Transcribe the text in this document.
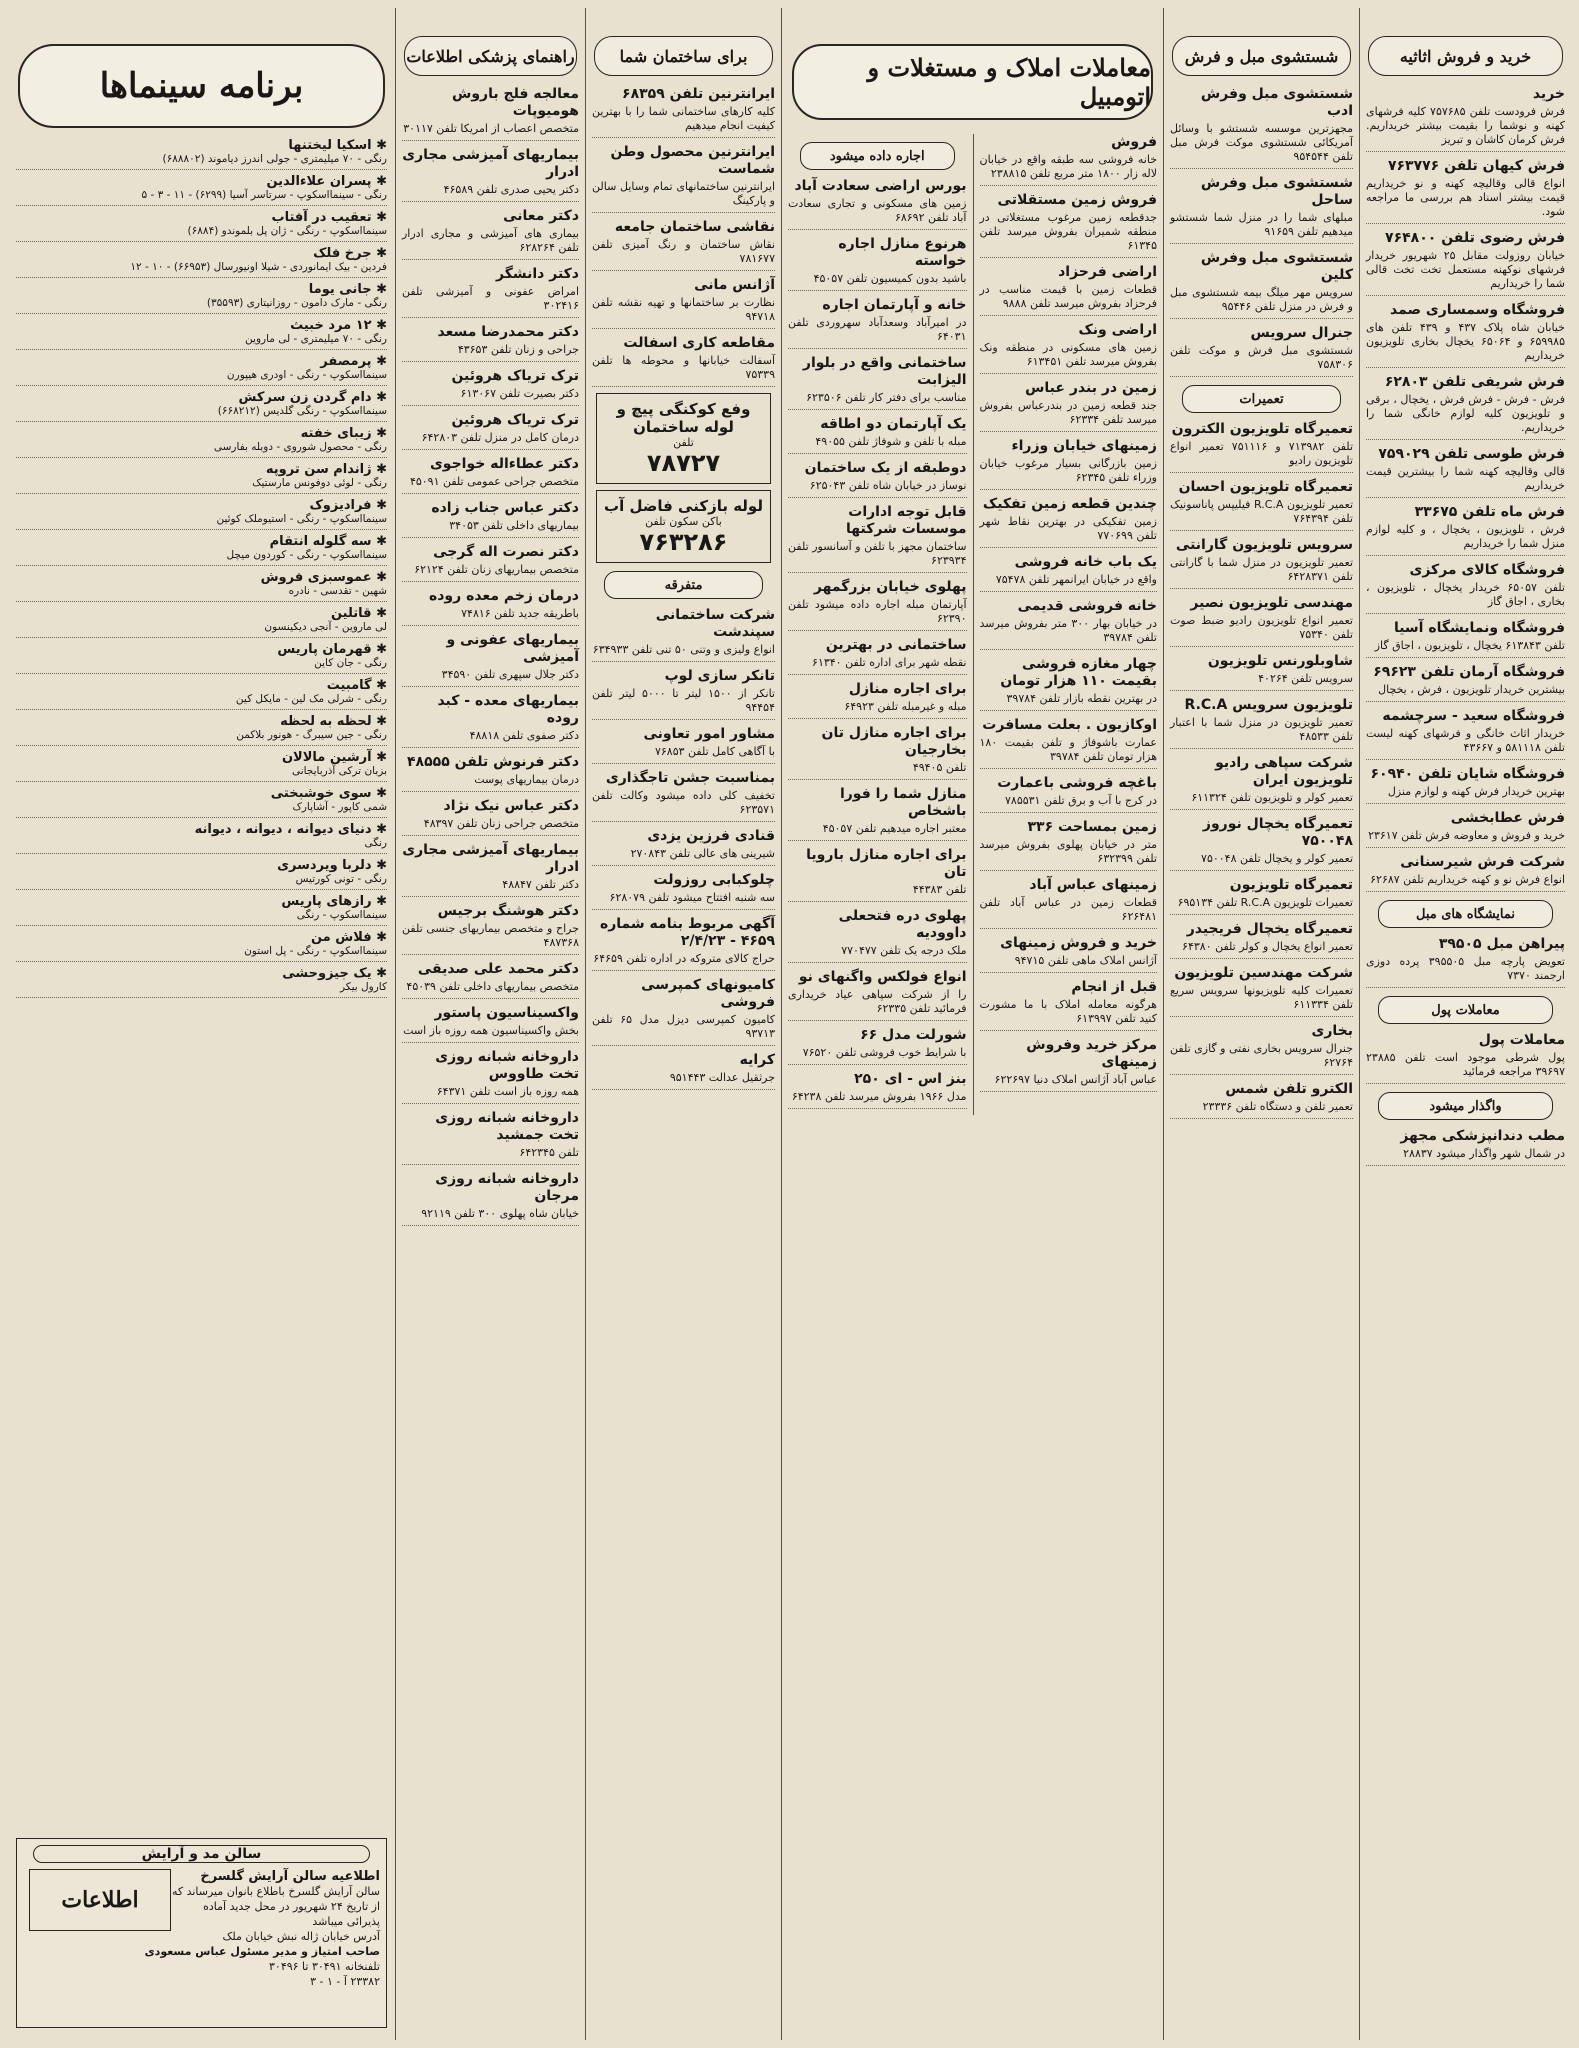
خرید و فروش اثاثیه
خرید

فرش فرودست تلفن ۷۵۷۶۸۵ کلیه فرشهای کهنه و نوشما را بقیمت بیشتر خریداریم. فرش کرمان کاشان و تبریز

فرش کیهان تلفن ۷۶۳۷۷۶

انواع قالی وقالیچه کهنه و نو خریداریم قیمت بیشتر اسناد هم بررسی ما مراجعه شود.

فرش رضوی تلفن ۷۶۴۸۰۰

خیابان روزولت مقابل ۲۵ شهریور خریدار فرشهای نوکهنه مستعمل تخت تخت قالی شما را خریداریم

فروشگاه وسمساری صمد

خیابان شاه پلاک ۴۳۷ و ۴۳۹ تلفن های ۶۵۹۹۸۵ و ۶۵۰۶۴ یخچال بخاری تلویزیون خریداریم

فرش شریفی تلفن ۶۲۸۰۳

فرش - فرش - فرش فرش ، یخچال ، برقی و تلویزیون کلیه لوازم خانگی شما را خریداریم.

فرش طوسی تلفن ۷۵۹۰۲۹

قالی وقالیچه کهنه شما را بیشترین قیمت خریداریم

فرش ماه تلفن ۳۳۶۷۵

فرش ، تلویزیون ، یخچال ، و کلیه لوازم منزل شما را خریداریم

فروشگاه کالای مرکزی

تلفن ۶۵۰۵۷ خریدار یخچال ، تلویزیون ، بخاری ، اجاق گاز

فروشگاه ونمایشگاه آسیا

تلفن ۶۱۳۸۴۳ یخچال ، تلویزیون ، اجاق گاز

فروشگاه آرمان تلفن ۶۹۶۲۳

بیشترین خریدار تلویزیون ، فرش ، یخچال

فروشگاه سعید - سرچشمه

خریدار اثاث خانگی و فرشهای کهنه لیست تلفن ۵۸۱۱۱۸ و ۴۳۶۶۷

فروشگاه شایان تلفن ۶۰۹۴۰

بهترین خریدار فرش کهنه و لوازم منزل

فرش عطابخشی

خرید و فروش و معاوضه فرش تلفن ۲۳۶۱۷

شرکت فرش شیرسنانی

انواع فرش نو و کهنه خریداریم تلفن ۶۲۶۸۷

نمایشگاه های مبل
پیراهن مبل ۳۹۵۰۵

تعویض پارچه مبل ۳۹۵۵۰۵ پرده دوزی ارجمند ۷۳۷۰

معاملات پول
معاملات پول

پول شرطی موجود است تلفن ۲۳۸۸۵ ۳۹۶۹۷ مراجعه فرمائید

واگذار میشود
مطب دندانپزشکی مجهز

در شمال شهر واگذار میشود ۲۸۸۳۷

شستشوی مبل و فرش
شستشوی مبل وفرش ادب

مجهزترین موسسه شستشو با وسائل آمریکائی شستشوی موکت فرش مبل تلفن ۹۵۴۵۴۴

شستشوی مبل وفرش ساحل

مبلهای شما را در منزل شما شستشو میدهیم تلفن ۹۱۶۵۹

شستشوی مبل وفرش کلین

سرویس مهر میلگ بیمه شستشوی مبل و فرش در منزل تلفن ۹۵۴۴۶

جنرال سرویس

شستشوی مبل فرش و موکت تلفن ۷۵۸۳۰۶

تعمیرات
تعمیرگاه تلویزیون الکترون

تلفن ۷۱۳۹۸۲ و ۷۵۱۱۱۶ تعمیر انواع تلویزیون رادیو

تعمیرگاه تلویزیون احسان

تعمیر تلویزیون R.C.A فیلیپس پاناسونیک تلفن ۷۶۴۳۹۴

سرویس تلویزیون گارانتی

تعمیر تلویزیون در منزل شما با گارانتی تلفن ۶۴۲۸۳۷۱

مهندسی تلویزیون نصیر

تعمیر انواع تلویزیون رادیو ضبط صوت تلفن ۷۵۳۴۰

شاوبلورنس تلویزیون

سرویس تلفن ۴۰۲۶۴

تلویزیون سرویس R.C.A

تعمیر تلویزیون در منزل شما با اعتبار تلفن ۴۸۵۳۳

شرکت سپاهی رادیو تلویزیون ایران

تعمیر کولر و تلویزیون تلفن ۶۱۱۳۲۴

تعمیرگاه یخچال نوروز ۷۵۰۰۴۸

تعمیر کولر و یخچال تلفن ۷۵۰۰۴۸

تعمیرگاه تلویزیون

تعمیرات تلویزیون R.C.A تلفن ۶۹۵۱۳۴

تعمیرگاه یخچال فریجیدر

تعمیر انواع یخچال و کولر تلفن ۶۴۳۸۰

شرکت مهندسین تلویزیون

تعمیرات کلیه تلویزیونها سرویس سریع تلفن ۶۱۱۳۳۴

بخاری

جنرال سرویس بخاری نفتی و گازی تلفن ۶۲۷۶۴

الکترو تلفن شمس

تعمیر تلفن و دستگاه تلفن ۲۳۳۳۶

معاملات املاک و مستغلات و اتومبیل
فروش

خانه فروشی سه طبقه واقع در خیابان لاله زار ۱۸۰۰ متر مربع تلفن ۲۳۸۸۱۵

فروش زمین مستقلاتی

جدقطعه زمین مرغوب مستغلاتی در منطقه شمیران بفروش میرسد تلفن ۶۱۳۴۵

اراضی فرحزاد

قطعات زمین با قیمت مناسب در فرحزاد بفروش میرسد تلفن ۹۸۸۸

اراضی ونک

زمین های مسکونی در منطقه ونک بفروش میرسد تلفن ۶۱۳۴۵۱

زمین در بندر عباس

جند قطعه زمین در بندرعباس بفروش میرسد تلفن ۶۲۳۳۴

زمینهای خیابان وزراء

زمین بازرگانی بسیار مرغوب خیابان وزراء تلفن ۶۲۳۴۵

چندین قطعه زمین تفکیک

زمین تفکیکی در بهترین نقاط شهر تلفن ۷۷۰۶۹۹

یک باب خانه فروشی

واقع در خیابان ایرانمهر تلفن ۷۵۴۷۸

خانه فروشی قدیمی

در خیابان بهار ۳۰۰ متر بفروش میرسد تلفن ۳۹۷۸۴

چهار مغازه فروشی بقیمت ۱۱۰ هزار تومان

در بهترین نقطه بازار تلفن ۳۹۷۸۴

اوکازیون . بعلت مسافرت

عمارت باشوفاژ و تلفن بقیمت ۱۸۰ هزار تومان تلفن ۳۹۷۸۴

باغچه فروشی باعمارت

در کرج با آب و برق تلفن ۷۸۵۵۳۱

زمین بمساحت ۳۳۶

متر در خیابان پهلوی بفروش میرسد تلفن ۶۳۲۳۹۹

زمینهای عباس آباد

قطعات زمین در عباس آباد تلفن ۶۲۶۴۸۱

خرید و فروش زمینهای

آژانس املاک ماهی تلفن ۹۴۷۱۵

قبل از انجام

هرگونه معامله املاک با ما مشورت کنید تلفن ۶۱۳۹۹۷

مرکز خرید وفروش زمینهای

عباس آباد آژانس املاک دنیا ۶۲۲۶۹۷

اجاره داده میشود
بورس اراضی سعادت آباد

زمین های مسکونی و تجاری سعادت آباد تلفن ۶۸۶۹۲

هرنوع منازل اجاره خواسته

باشید بدون کمیسیون تلفن ۴۵۰۵۷

خانه و آپارتمان اجاره

در امیرآباد وسعدآباد سهروردی تلفن ۶۴۰۳۱

ساختمانی واقع در بلوار الیزابت

مناسب برای دفتر کار تلفن ۶۲۳۵۰۶

یک آپارتمان دو اطاقه

مبله با تلفن و شوفاژ تلفن ۴۹۰۵۵

دوطبقه از یک ساختمان

نوساز در خیابان شاه تلفن ۶۲۵۰۴۳

قابل توجه ادارات موسسات شرکتها

ساختمان مجهز با تلفن و آسانسور تلفن ۶۲۳۹۳۴

پهلوی خیابان بزرگمهر

آپارتمان مبله اجاره داده میشود تلفن ۶۲۳۹۰

ساختمانی در بهترین

نقطه شهر برای اداره تلفن ۶۱۳۴۰

برای اجاره منازل

مبله و غیرمبله تلفن ۶۴۹۲۳

برای اجاره منازل تان بخارجیان

تلفن ۴۹۴۰۵

منازل شما را فورا باشخاص

معتبر اجاره میدهیم تلفن ۴۵۰۵۷

برای اجاره منازل بارویا تان

تلفن ۴۴۳۸۳

پهلوی دره فتحعلی داوودیه

ملک درجه یک تلفن ۷۷۰۴۷۷

انواع فولکس واگنهای نو

را از شرکت سپاهی عیاد خریداری فرمائید تلفن ۶۲۳۳۵

شورلت مدل ۶۶

با شرایط خوب فروشی تلفن ۷۶۵۲۰

بنز اس - ای ۲۵۰

مدل ۱۹۶۶ بفروش میرسد تلفن ۶۴۲۳۸

برای ساختمان شما
ایرانترنین تلفن ۶۸۳۵۹

کلیه کارهای ساختمانی شما را با بهترین کیفیت انجام میدهیم

ایرانترنین محصول وطن شماست

ایرانترنین ساختمانهای تمام وسایل سالن و پارکینگ

نقاشی ساختمان جامعه

نقاش ساختمان و رنگ آمیزی تلفن ۷۸۱۶۷۷

آژانس مانی

نظارت بر ساختمانها و تهیه نقشه تلفن ۹۴۷۱۸

مقاطعه کاری اسفالت

آسفالت خیابانها و محوطه ها تلفن ۷۵۳۳۹

وفع کوکنگی پیچ و لوله ساختمان
تلفن
۷۸۷۲۷
لوله بازکنی فاضل آب
باکن سکون تلفن
۷۶۳۲۸۶
متفرقه
شرکت ساختمانی سپندشت

انواع ولیزی و وتنی ۵۰ تنی تلفن ۶۳۴۹۳۳

تانکر سازی لوپ

تانکر از ۱۵۰۰ لیتر تا ۵۰۰۰ لیتر تلفن ۹۴۴۵۴

مشاور امور تعاونی

با آگاهی کامل تلفن ۷۶۸۵۳

بمناسبت جشن تاجگذاری

تخفیف کلی داده میشود وکالت تلفن ۶۲۳۵۷۱

قنادی فرزین یزدی

شیرینی های عالی تلفن ۲۷۰۸۴۳

چلوکبابی روزولت

سه شنبه افتتاح میشود تلفن ۶۲۸۰۷۹

آگهی مربوط بنامه شماره ۴۶۵۹ - ۲/۴/۲۳

حراج کالای متروکه در اداره تلفن ۶۴۶۵۹

کامیونهای کمپرسی فروشی

کامیون کمپرسی دیزل مدل ۶۵ تلفن ۹۳۷۱۳

کرایه

جرثقیل عدالت ۹۵۱۴۴۳

راهنمای پزشکی اطلاعات
معالجه فلج باروش هومیوپات

متخصص اعصاب از امریکا تلفن ۳۰۱۱۷

بیماریهای آمیزشی مجاری ادرار

دکتر یحیی صدری تلفن ۴۶۵۸۹

دکتر معانی

بیماری های آمیزشی و مجاری ادرار تلفن ۶۲۸۲۶۴

دکتر دانشگر

امراض عفونی و آمیزشی تلفن ۳۰۲۴۱۶

دکتر محمدرضا مسعد

جراحی و زنان تلفن ۴۳۶۵۳

ترک تریاک هروئین

دکتر بصیرت تلفن ۶۱۳۰۶۷

ترک تریاک هروئین

درمان کامل در منزل تلفن ۶۴۲۸۰۳

دکتر عطاءاله خواجوی

متخصص جراحی عمومی تلفن ۴۵۰۹۱

دکتر عباس جناب زاده

بیماریهای داخلی تلفن ۳۴۰۵۳

دکتر نصرت اله گرجی

متخصص بیماریهای زنان تلفن ۶۲۱۲۴

درمان زخم معده روده

باطریقه جدید تلفن ۷۴۸۱۶

بیماریهای عفونی و آمیزشی

دکتر جلال سپهری تلفن ۳۴۵۹۰

بیماریهای معده - کبد روده

دکتر صفوی تلفن ۴۸۸۱۸

دکتر فرنوش تلفن ۴۸۵۵۵

درمان بیماریهای پوست

دکتر عباس نیک نژاد

متخصص جراحی زنان تلفن ۴۸۳۹۷

بیماریهای آمیزشی مجاری ادرار

دکتر تلفن ۴۸۸۴۷

دکتر هوشنگ برجیس

جراح و متخصص بیماریهای جنسی تلفن ۴۸۷۳۶۸

دکتر محمد علی صدیقی

متخصص بیماریهای داخلی تلفن ۴۵۰۳۹

واکسیناسیون پاستور

بخش واکسیناسیون همه روزه باز است

داروخانه شبانه روزی تخت طاووس

همه روزه باز است تلفن ۶۴۳۷۱

داروخانه شبانه روزی تخت جمشید

تلفن ۶۴۲۳۴۵

داروخانه شبانه روزی مرجان

خیابان شاه پهلوی ۳۰۰ تلفن ۹۲۱۱۹

برنامه سینماها
✱ اسکیا لیختنها
رنگی - ۷۰ میلیمتری - جولی اندرز دیاموند (۶۸۸۸۰۲)
✱ پسران علاءالدین
رنگی - سینمااسکوپ - سرتاسر آسیا (۶۲۹۹) - ۱۱ - ۳ - ۵
✱ تعقیب در آفتاب
سینمااسکوپ - رنگی - ژان پل بلموندو (۶۸۸۴)
✱ جرخ فلک
فردین - بیک ایمانوردی - شیلا اونیورسال (۶۶۹۵۳) - ۱۰ - ۱۲
✱ جانی یوما
رنگی - مارک دامون - روزانیتاری (۳۵۵۹۳)
✱ ۱۲ مرد خبیث
رنگی - ۷۰ میلیمتری - لی ماروین
✱ پرمصفر
سینمااسکوپ - رنگی - اودری هیپورن
✱ دام گردن زن سرکش
سینمااسکوپ - رنگی گلدیس (۶۶۸۲۱۲)
✱ زیبای خفته
رنگی - محصول شوروی - دوبله بفارسی
✱ ژاندام سن تروپه
رنگی - لوئی دوفونس مارستیک
✱ فرادیزوک
سینمااسکوپ - رنگی - استیوملک کوئین
✱ سه گلوله انتقام
سینمااسکوپ - رنگی - کوردون میچل
✱ عموسبزی فروش
شهین - تقدسی - نادره
✱ قاتلین
لی ماروین - آنجی دیکینسون
✱ قهرمان پاریس
رنگی - جان کاین
✱ گامبیت
رنگی - شرلی مک لین - مایکل کین
✱ لحظه به لحظه
رنگی - جین سیبرگ - هونور بلاکمن
✱ آرشین مالالان
بزبان ترکی آذربایجانی
✱ سوی خوشبختی
شمی کاپور - آشاپارک
✱ دنیای دیوانه ، دیوانه ، دیوانه
رنگی
✱ دلربا ویردسری
رنگی - تونی کورتیس
✱ رازهای پاریس
سینمااسکوپ - رنگی
✱ فلاش من
سینمااسکوپ - رنگی - پل استون
✱ یک جیزوحشی
کارول بیکر
سالن مد و آرایش
اطلاعات
اطلاعیه سالن آرایش گلسرخ
سالن آرایش گلسرخ باطلاع بانوان میرساند که از تاریخ ۲۴ شهریور در محل جدید آماده پذیرائی میباشد
آدرس خیابان ژاله نبش خیابان ملک
صاحب امتیاز و مدیر مسئول عباس مسعودی
تلفنخانه ۳۰۴۹۱ تا ۳۰۴۹۶
۲۳۳۸۲ آ - ۱ - ۳
